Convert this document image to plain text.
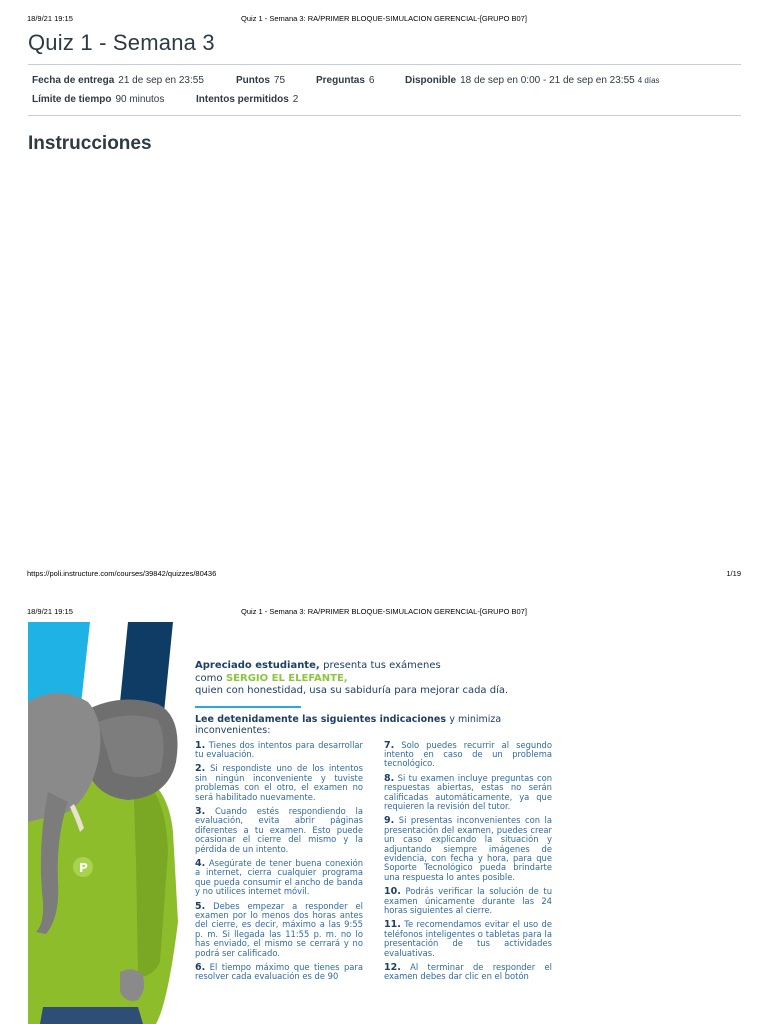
18/9/21 19:15	Quiz 1 - Semana 3: RA/PRIMER BLOQUE-SIMULACION GERENCIAL-[GRUPO B07]
Quiz 1 - Semana 3
Fecha de entrega 21 de sep en 23:55	Puntos 75	Preguntas 6	Disponible 18 de sep en 0:00 - 21 de sep en 23:55 4 días
Límite de tiempo 90 minutos	Intentos permitidos 2
Instrucciones
https://poli.instructure.com/courses/39842/quizzes/80436	1/19
18/9/21 19:15	Quiz 1 - Semana 3: RA/PRIMER BLOQUE-SIMULACION GERENCIAL-[GRUPO B07]
P
Apreciado estudiante, presenta tus exámenes
como SERGIO EL ELEFANTE,
quien con honestidad, usa su sabiduría para mejorar cada día.
Lee detenidamente las siguientes indicaciones y minimiza inconvenientes:

1. Tienes dos intentos para desarrollar tu evaluación.

2. Si respondiste uno de los intentos sin ningún inconveniente y tuviste problemas con el otro, el examen no será habilitado nuevamente.

3. Cuando estés respondiendo la evaluación, evita abrir páginas diferentes a tu examen. Esto puede ocasionar el cierre del mismo y la pérdida de un intento.

4. Asegúrate de tener buena conexión a internet, cierra cualquier programa que pueda consumir el ancho de banda y no utilices internet móvil.

5. Debes empezar a responder el examen por lo menos dos horas antes del cierre, es decir, máximo a las 9:55 p. m. Si llegada las 11:55 p. m. no lo has enviado, el mismo se cerrará y no podrá ser calificado.

6. El tiempo máximo que tienes para resolver cada evaluación es de 90

7. Solo puedes recurrir al segundo intento en caso de un problema tecnológico.

8. Si tu examen incluye preguntas con respuestas abiertas, estas no serán calificadas automáticamente, ya que requieren la revisión del tutor.

9. Si presentas inconvenientes con la presentación del examen, puedes crear un caso explicando la situación y adjuntando siempre imágenes de evidencia, con fecha y hora, para que Soporte Tecnológico pueda brindarte una respuesta lo antes posible.

10. Podrás verificar la solución de tu examen únicamente durante las 24 horas siguientes al cierre.

11. Te recomendamos evitar el uso de teléfonos inteligentes o tabletas para la presentación de tus actividades evaluativas.

12. Al terminar de responder el examen debes dar clic en el botón
